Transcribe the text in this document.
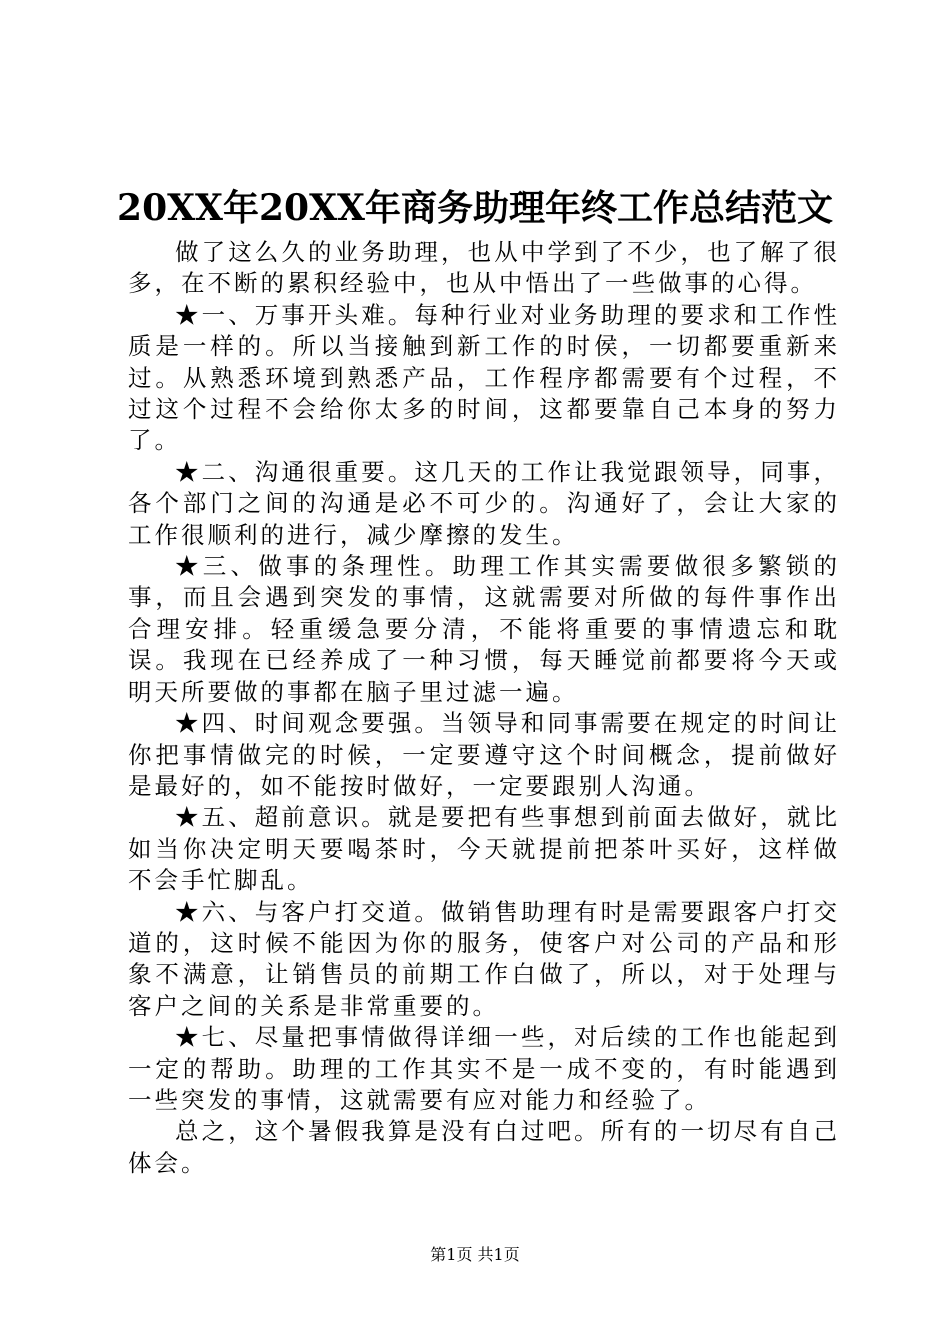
20XX年20XX年商务助理年终工作总结范文

做了这么久的业务助理，也从中学到了不少，也了解了很多，在不断的累积经验中，也从中悟出了一些做事的心得。

★一、万事开头难。每种行业对业务助理的要求和工作性质是一样的。所以当接触到新工作的时侯，一切都要重新来过。从熟悉环境到熟悉产品，工作程序都需要有个过程，不过这个过程不会给你太多的时间，这都要靠自己本身的努力了。

★二、沟通很重要。这几天的工作让我觉跟领导，同事，各个部门之间的沟通是必不可少的。沟通好了，会让大家的工作很顺利的进行，减少摩擦的发生。

★三、做事的条理性。助理工作其实需要做很多繁锁的事，而且会遇到突发的事情，这就需要对所做的每件事作出合理安排。轻重缓急要分清，不能将重要的事情遗忘和耽误。我现在已经养成了一种习惯，每天睡觉前都要将今天或明天所要做的事都在脑子里过滤一遍。

★四、时间观念要强。当领导和同事需要在规定的时间让你把事情做完的时候，一定要遵守这个时间概念，提前做好是最好的，如不能按时做好，一定要跟别人沟通。

★五、超前意识。就是要把有些事想到前面去做好，就比如当你决定明天要喝茶时，今天就提前把茶叶买好，这样做不会手忙脚乱。

★六、与客户打交道。做销售助理有时是需要跟客户打交道的，这时候不能因为你的服务，使客户对公司的产品和形象不满意，让销售员的前期工作白做了，所以，对于处理与客户之间的关系是非常重要的。

★七、尽量把事情做得详细一些，对后续的工作也能起到一定的帮助。助理的工作其实不是一成不变的，有时能遇到一些突发的事情，这就需要有应对能力和经验了。

总之，这个暑假我算是没有白过吧。所有的一切尽有自己体会。

第1页 共1页
